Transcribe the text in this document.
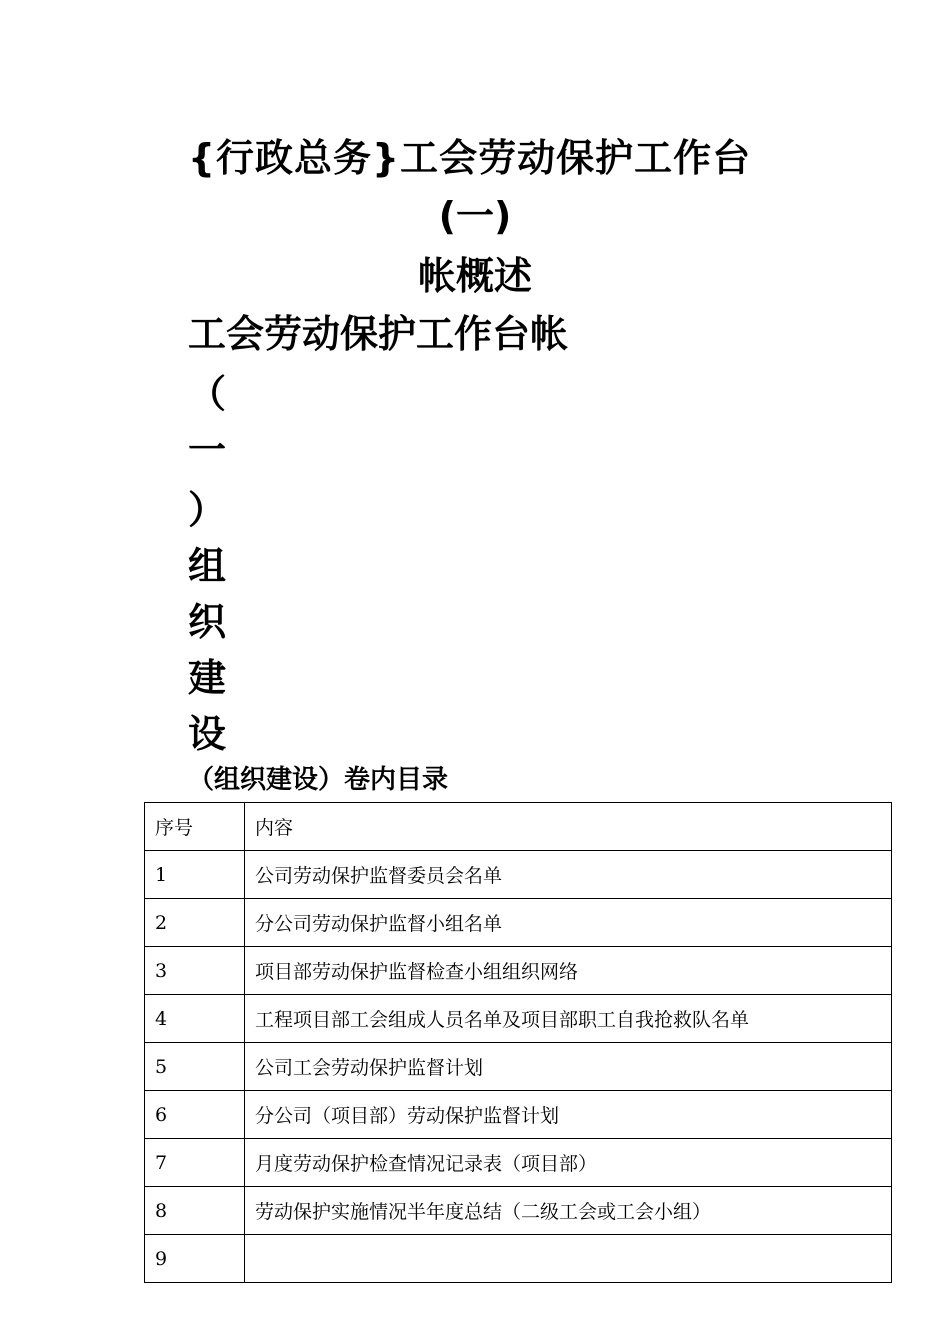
{行政总务}工会劳动保护工作台
(一)
帐概述
工会劳动保护工作台帐
（
一
）
组
织
建
设
（组织建设）卷内目录
序号	内容
1	公司劳动保护监督委员会名单
2	分公司劳动保护监督小组名单
3	项目部劳动保护监督检查小组组织网络
4	工程项目部工会组成人员名单及项目部职工自我抢救队名单
5	公司工会劳动保护监督计划
6	分公司（项目部）劳动保护监督计划
7	月度劳动保护检查情况记录表（项目部）
8	劳动保护实施情况半年度总结（二级工会或工会小组）
9	
